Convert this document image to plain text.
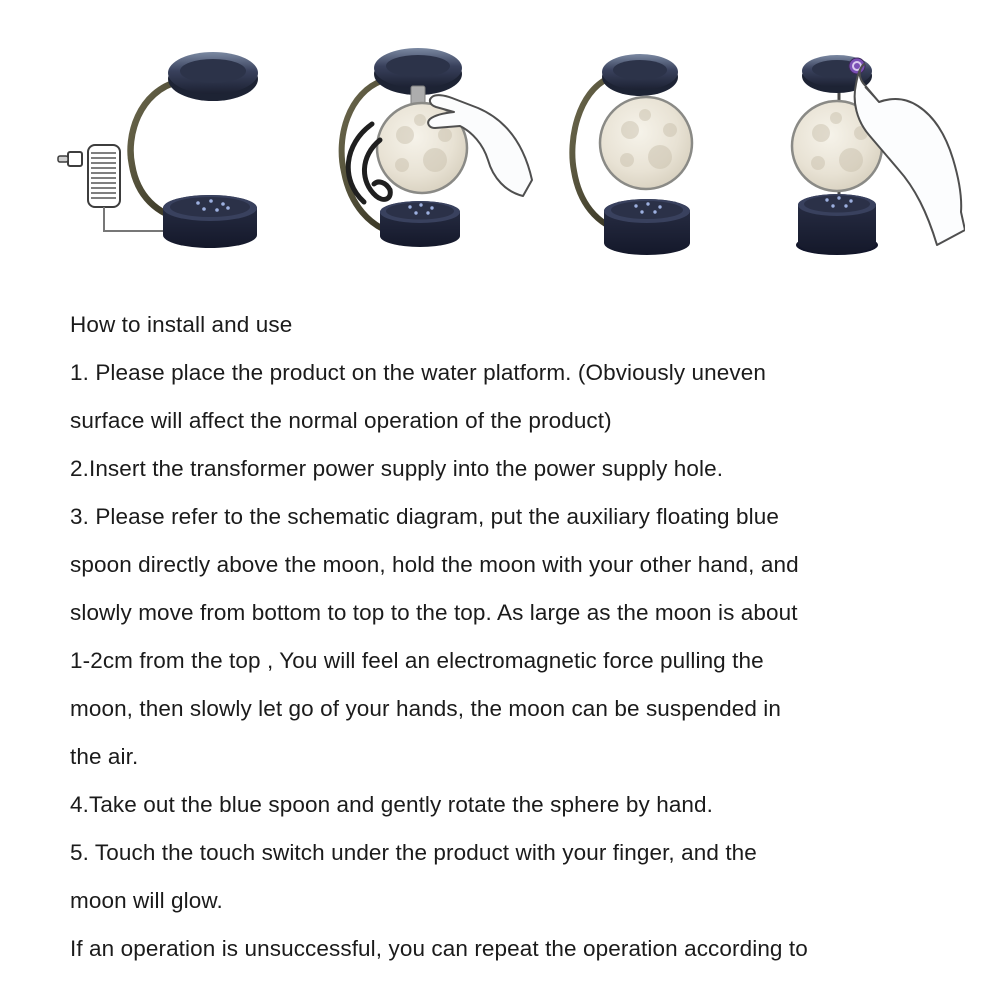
How to install and use
1. Please place the product on the water platform. (Obviously uneven
surface will affect the normal operation of the product)
2.Insert the transformer power supply into the power supply hole.
3. Please refer to the schematic diagram, put the auxiliary floating blue
spoon directly above the moon, hold the moon with your other hand, and
slowly move from bottom to top to the top. As large as the moon is about
1-2cm from the top , You will feel an electromagnetic force pulling the
moon, then slowly let go of your hands, the moon can be suspended in
the air.
4.Take out the blue spoon and gently rotate the sphere by hand.
5. Touch the touch switch under the product with your finger, and the
moon will glow.
If an operation is unsuccessful, you can repeat the operation according to
